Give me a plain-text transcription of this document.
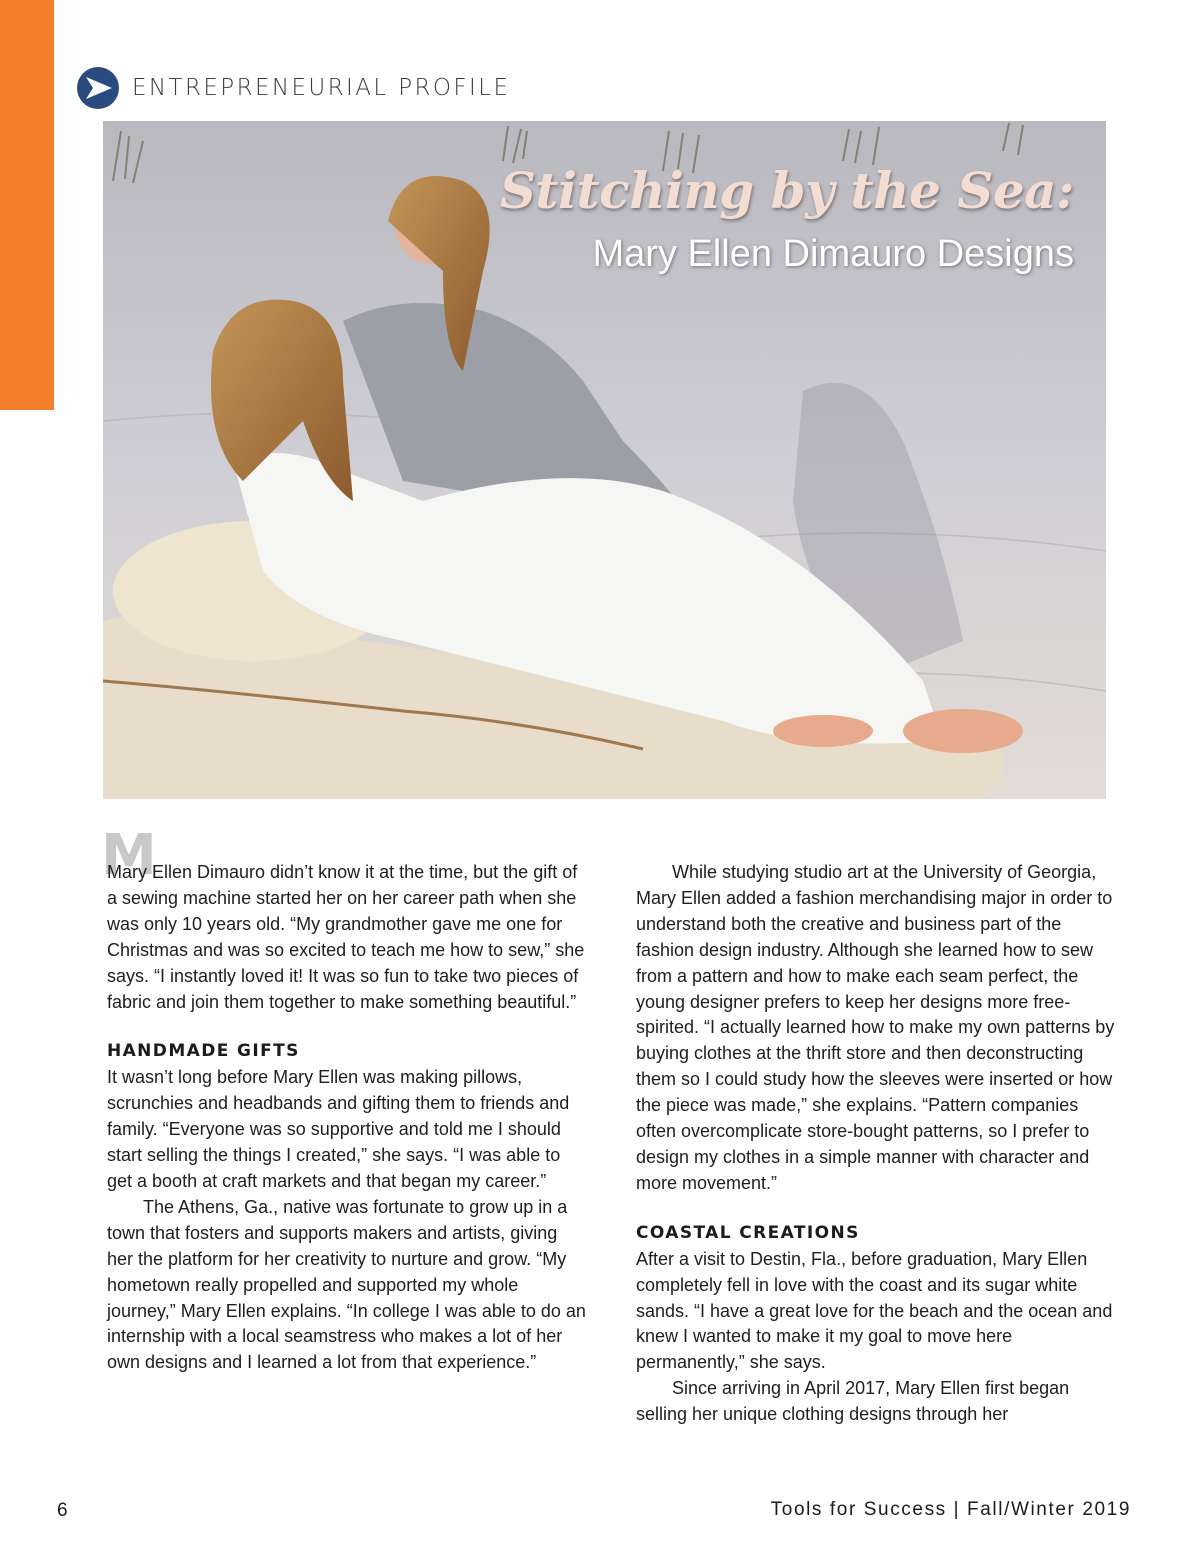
ENTREPRENEURIAL PROFILE
Stitching by the Sea:
Mary Ellen Dimauro Designs
M

Mary Ellen Dimauro didn’t know it at the time, but the gift of a sewing machine started her on her career path when she was only 10 years old. “My grandmother gave me one for Christmas and was so excited to teach me how to sew,” she says. “I instantly loved it! It was so fun to take two pieces of fabric and join them together to make something beautiful.”

HANDMADE GIFTS

It wasn’t long before Mary Ellen was making pillows, scrunchies and headbands and gifting them to friends and family. “Everyone was so supportive and told me I should start selling the things I created,” she says. “I was able to get a booth at craft markets and that began my career.”

The Athens, Ga., native was fortunate to grow up in a town that fosters and supports makers and artists, giving her the platform for her creativity to nurture and grow. “My hometown really propelled and supported my whole journey,” Mary Ellen explains. “In college I was able to do an internship with a local seamstress who makes a lot of her own designs and I learned a lot from that experience.”

While studying studio art at the University of Georgia, Mary Ellen added a fashion merchandising major in order to understand both the creative and business part of the fashion design industry. Although she learned how to sew from a pattern and how to make each seam perfect, the young designer prefers to keep her designs more free-spirited. “I actually learned how to make my own patterns by buying clothes at the thrift store and then deconstructing them so I could study how the sleeves were inserted or how the piece was made,” she explains. “Pattern companies often overcomplicate store-bought patterns, so I prefer to design my clothes in a simple manner with character and more movement.”

COASTAL CREATIONS

After a visit to Destin, Fla., before graduation, Mary Ellen completely fell in love with the coast and its sugar white sands. “I have a great love for the beach and the ocean and knew I wanted to make it my goal to move here permanently,” she says.

Since arriving in April 2017, Mary Ellen first began selling her unique clothing designs through her

6	Tools for Success | Fall/Winter 2019
